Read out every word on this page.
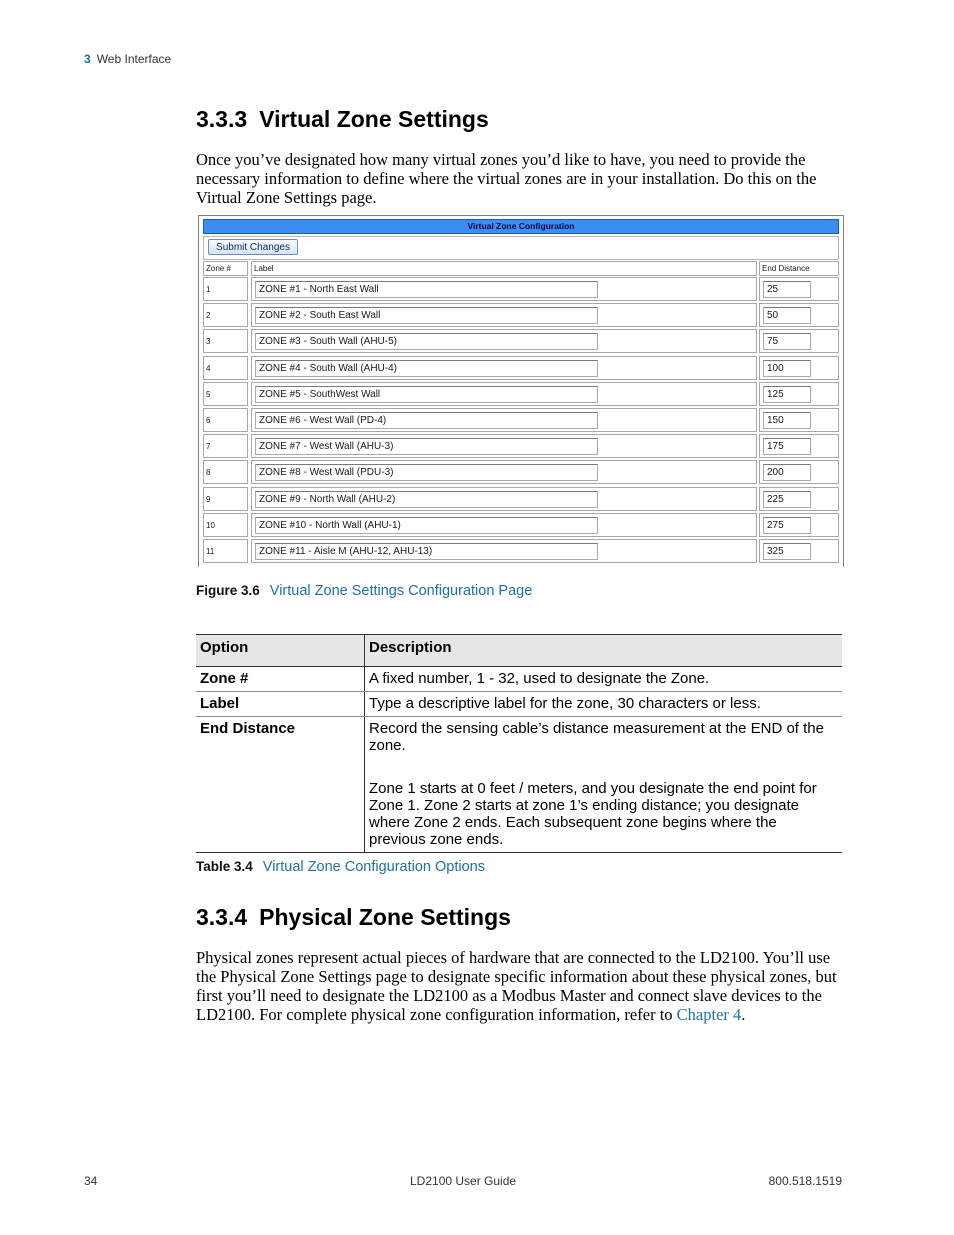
3 Web Interface
3.3.3 Virtual Zone Settings

Once you’ve designated how many virtual zones you’d like to have, you need to provide the necessary information to define where the virtual zones are in your installation. Do this on the Virtual Zone Settings page.

Virtual Zone Configuration
Submit Changes
Zone #	Label	End Distance
1	ZONE #1 - North East Wall	25
2	ZONE #2 - South East Wall	50
3	ZONE #3 - South Wall (AHU-5)	75
4	ZONE #4 - South Wall (AHU-4)	100
5	ZONE #5 - SouthWest Wall	125
6	ZONE #6 - West Wall (PD-4)	150
7	ZONE #7 - West Wall (AHU-3)	175
8	ZONE #8 - West Wall (PDU-3)	200
9	ZONE #9 - North Wall (AHU-2)	225
10	ZONE #10 - North Wall (AHU-1)	275
11	ZONE #11 - Aisle M (AHU-12, AHU-13)	325
Figure 3.6 Virtual Zone Settings Configuration Page
Option	Description
Zone #	A fixed number, 1 - 32, used to designate the Zone.

Label	Type a descriptive label for the zone, 30 characters or less.

End Distance	Record the sensing cable’s distance measurement at the END of the zone.

Zone 1 starts at 0 feet / meters, and you designate the end point for Zone 1. Zone 2 starts at zone 1’s ending distance; you designate where Zone 2 ends. Each subsequent zone begins where the previous zone ends.

Table 3.4 Virtual Zone Configuration Options
3.3.4 Physical Zone Settings

Physical zones represent actual pieces of hardware that are connected to the LD2100. You’ll use the Physical Zone Settings page to designate specific information about these physical zones, but first you’ll need to designate the LD2100 as a Modbus Master and connect slave devices to the LD2100. For complete physical zone configuration information, refer to Chapter 4.

34	LD2100 User Guide	800.518.1519
